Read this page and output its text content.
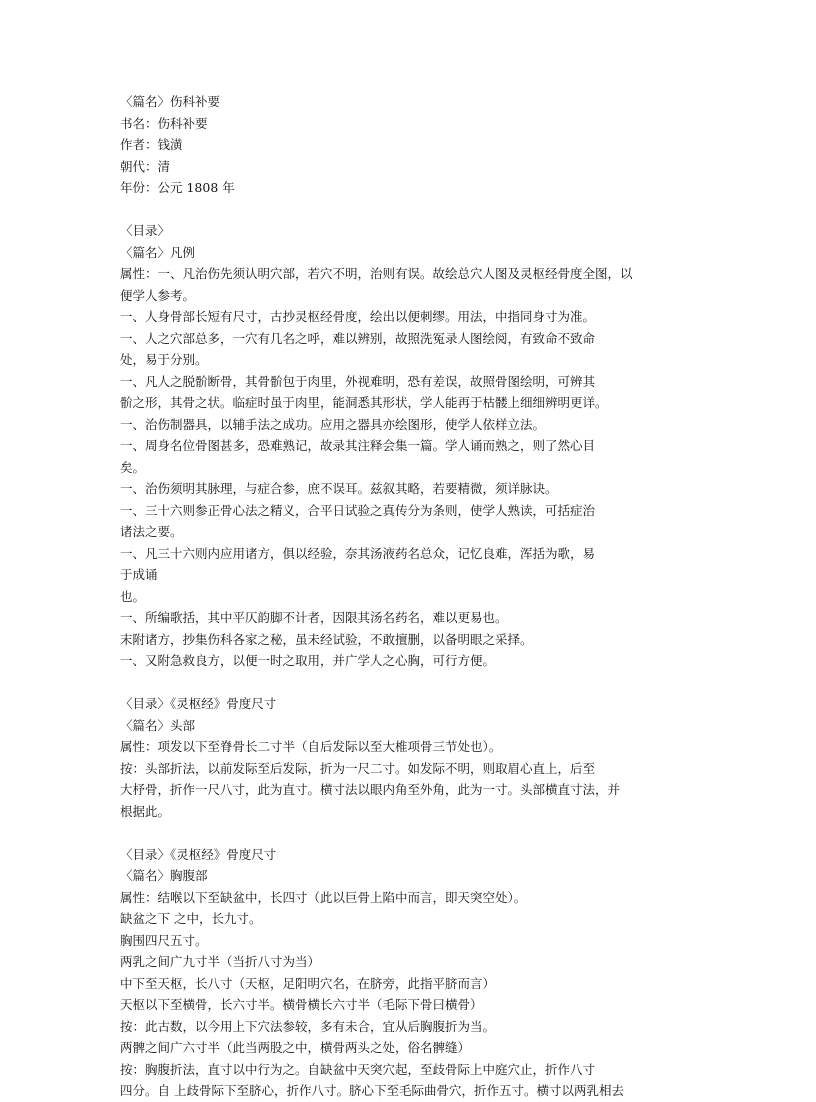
〈篇名〉伤科补要
书名：伤科补要
作者：钱潢
朝代：清
年份：公元 1808 年
〈目录〉
〈篇名〉凡例
属性：一、凡治伤先须认明穴部，若穴不明，治则有误。故绘总穴人图及灵枢经骨度全图，以
便学人参考。
一、人身骨部长短有尺寸，古抄灵枢经骨度，绘出以便刺缪。用法，中指同身寸为准。
一、人之穴部总多，一穴有几名之呼，难以辨别，故照洗冤录人图绘阅，有致命不致命
处，易于分别。
一、凡人之脱骱断骨，其骨骱包于肉里，外视难明，恐有差误，故照骨图绘明，可辨其
骱之形，其骨之状。临症时虽于肉里，能洞悉其形状，学人能再于枯髅上细细辨明更详。
一、治伤制器具，以辅手法之成功。应用之器具亦绘图形，使学人依样立法。
一、周身名位骨图甚多，恐难熟记，故录其注释会集一篇。学人诵而熟之，则了然心目
矣。
一、治伤须明其脉理，与症合参，庶不误耳。兹叙其略，若要精微，须详脉诀。
一、三十六则参正骨心法之精义，合平日试验之真传分为条则，使学人熟读，可括症治
诸法之要。
一、凡三十六则内应用诸方，俱以经验，奈其汤液药名总众，记忆良难，浑括为歌，易
于成诵
也。
一、所编歌括，其中平仄韵脚不计者，因限其汤名药名，难以更易也。
末附诸方，抄集伤科各家之秘，虽未经试验，不敢擅删，以备明眼之采择。
一、又附急救良方，以便一时之取用，并广学人之心胸，可行方便。
〈目录〉《灵枢经》骨度尺寸
〈篇名〉头部
属性：项发以下至脊骨长二寸半（自后发际以至大椎项骨三节处也）。
按：头部折法，以前发际至后发际，折为一尺二寸。如发际不明，则取眉心直上，后至
大杼骨，折作一尺八寸，此为直寸。横寸法以眼内角至外角，此为一寸。头部横直寸法，并
根据此。
〈目录〉《灵枢经》骨度尺寸
〈篇名〉胸腹部
属性：结喉以下至缺盆中，长四寸（此以巨骨上陷中而言，即天突空处）。
缺盆之下 之中，长九寸。
胸围四尺五寸。
两乳之间广九寸半（当折八寸为当）
中下至天枢，长八寸（天枢，足阳明穴名，在脐旁，此指平脐而言）
天枢以下至横骨，长六寸半。横骨横长六寸半（毛际下骨曰横骨）
按：此古数，以今用上下穴法参较，多有未合，宜从后胸腹折为当。
两髀之间广六寸半（此当两股之中，横骨两头之处，俗名髀缝）
按：胸腹折法，直寸以中行为之。自缺盆中天突穴起，至歧骨际上中庭穴止，折作八寸
四分。自 上歧骨际下至脐心，折作八寸。脐心下至毛际曲骨穴，折作五寸。横寸以两乳相去
